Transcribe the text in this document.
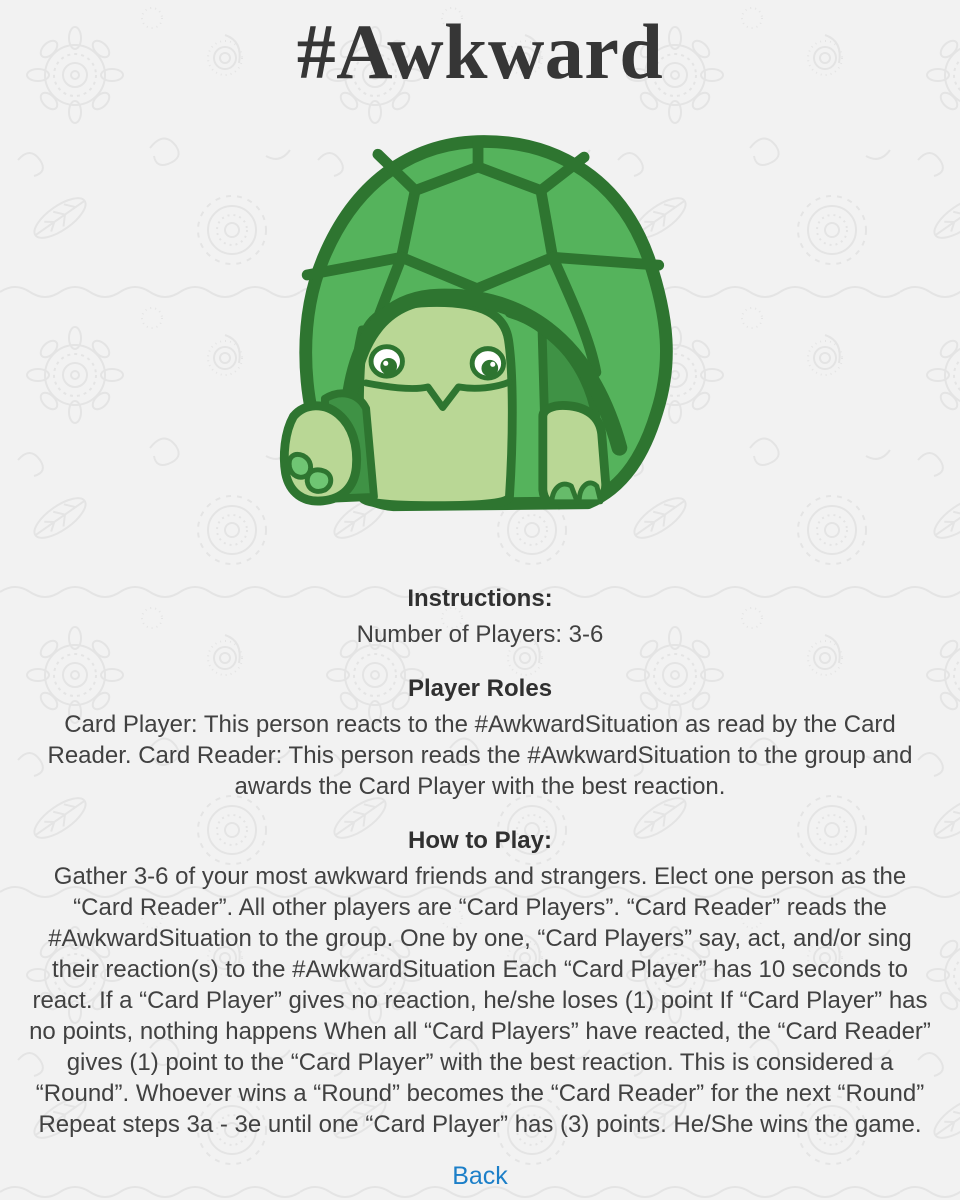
#Awkward
Instructions:

Number of Players: 3-6

Player Roles

Card Player: This person reacts to the #AwkwardSituation as read by the Card Reader. Card Reader: This person reads the #AwkwardSituation to the group and awards the Card Player with the best reaction.

How to Play:

Gather 3-6 of your most awkward friends and strangers. Elect one person as the “Card Reader”. All other players are “Card Players”. “Card Reader” reads the #AwkwardSituation to the group. One by one, “Card Players” say, act, and/or sing their reaction(s) to the #AwkwardSituation Each “Card Player” has 10 seconds to react. If a “Card Player” gives no reaction, he/she loses (1) point If “Card Player” has no points, nothing happens When all “Card Players” have reacted, the “Card Reader” gives (1) point to the “Card Player” with the best reaction. This is considered a “Round”. Whoever wins a “Round” becomes the “Card Reader” for the next “Round” Repeat steps 3a - 3e until one “Card Player” has (3) points. He/She wins the game.

Back
